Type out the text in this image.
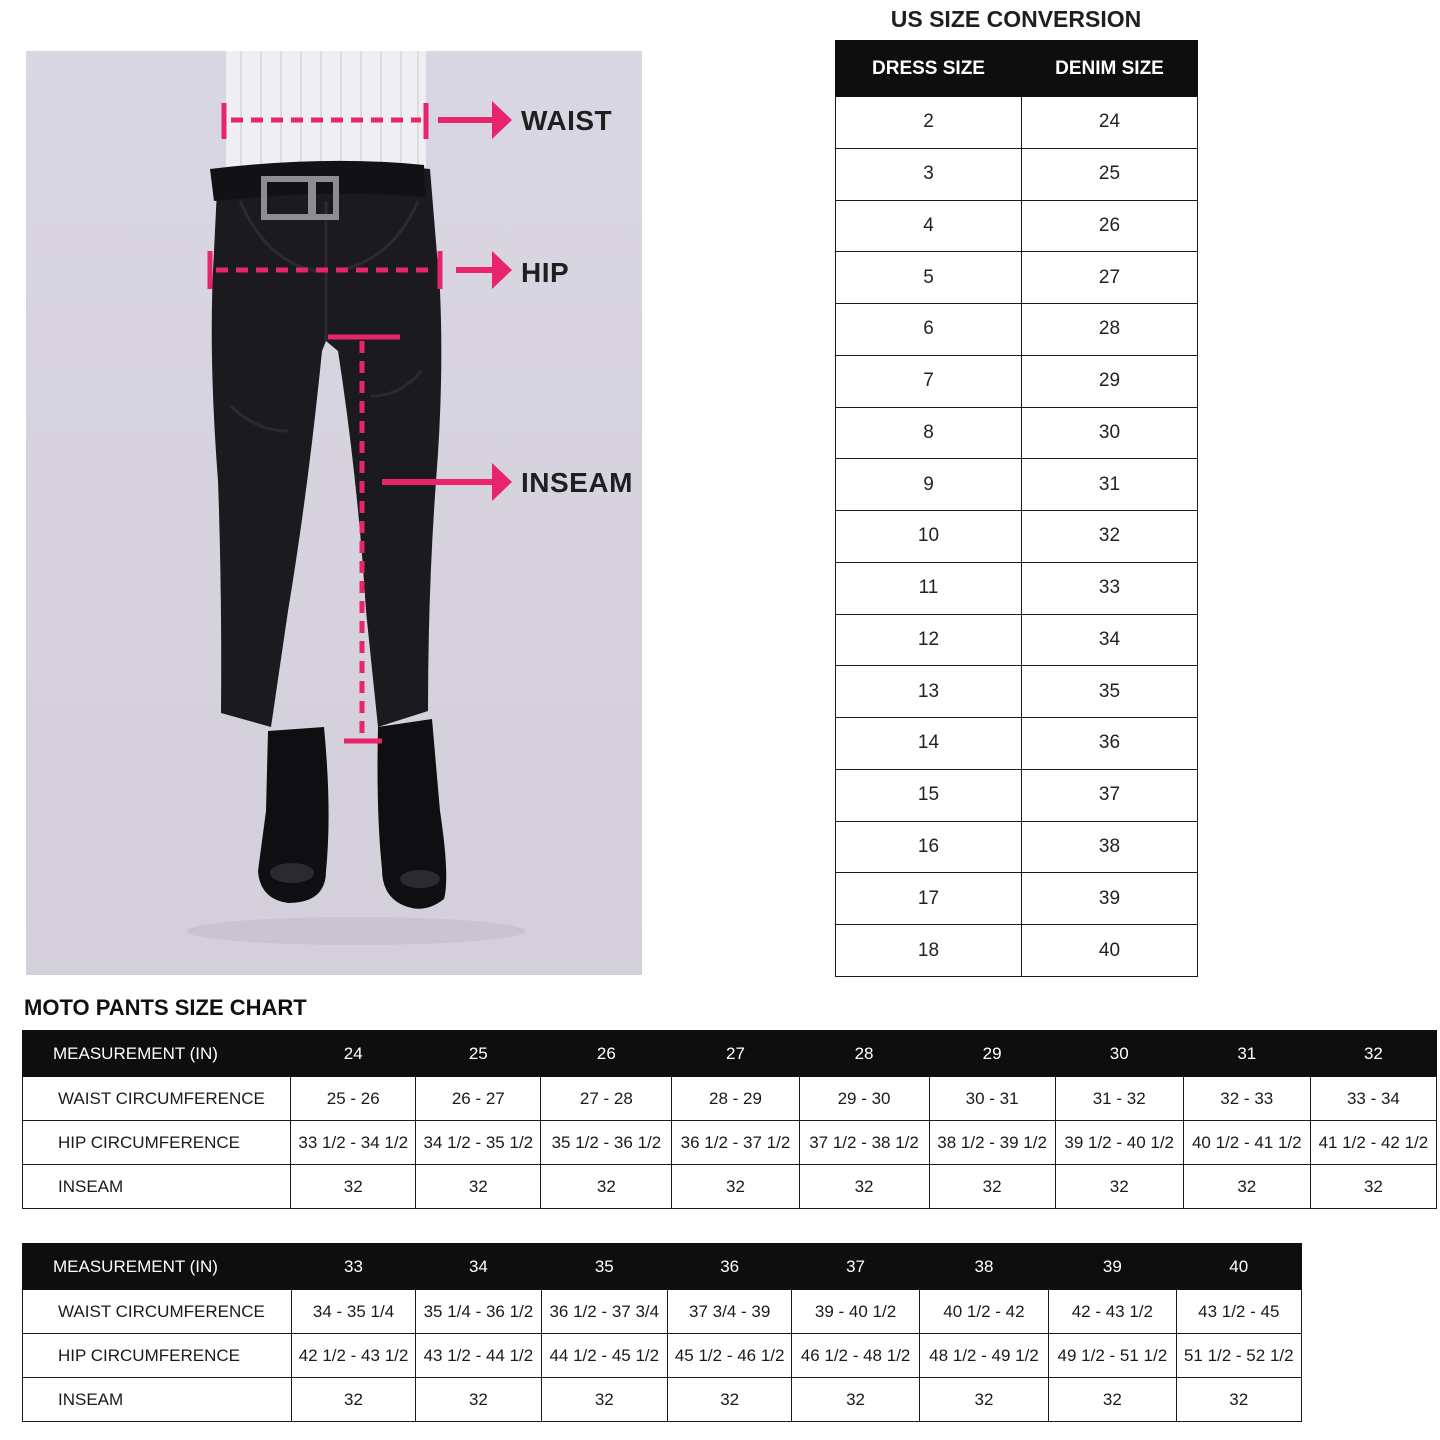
WAIST
HIP
INSEAM
US SIZE CONVERSION
DRESS SIZE	DENIM SIZE
2	24
3	25
4	26
5	27
6	28
7	29
8	30
9	31
10	32
11	33
12	34
13	35
14	36
15	37
16	38
17	39
18	40
MOTO PANTS SIZE CHART
MEASUREMENT (IN)	24	25	26	27	28	29	30	31	32
WAIST CIRCUMFERENCE	25 - 26	26 - 27	27 - 28	28 - 29	29 - 30	30 - 31	31 - 32	32 - 33	33 - 34
HIP CIRCUMFERENCE	33 1/2 - 34 1/2	34 1/2 - 35 1/2	35 1/2 - 36 1/2	36 1/2 - 37 1/2	37 1/2 - 38 1/2	38 1/2 - 39 1/2	39 1/2 - 40 1/2	40 1/2 - 41 1/2	41 1/2 - 42 1/2
INSEAM	32	32	32	32	32	32	32	32	32
MEASUREMENT (IN)	33	34	35	36	37	38	39	40
WAIST CIRCUMFERENCE	34 - 35 1/4	35 1/4 - 36 1/2	36 1/2 - 37 3/4	37 3/4 - 39	39 - 40 1/2	40 1/2 - 42	42 - 43 1/2	43 1/2 - 45
HIP CIRCUMFERENCE	42 1/2 - 43 1/2	43 1/2 - 44 1/2	44 1/2 - 45 1/2	45 1/2 - 46 1/2	46 1/2 - 48 1/2	48 1/2 - 49 1/2	49 1/2 - 51 1/2	51 1/2 - 52 1/2
INSEAM	32	32	32	32	32	32	32	32
